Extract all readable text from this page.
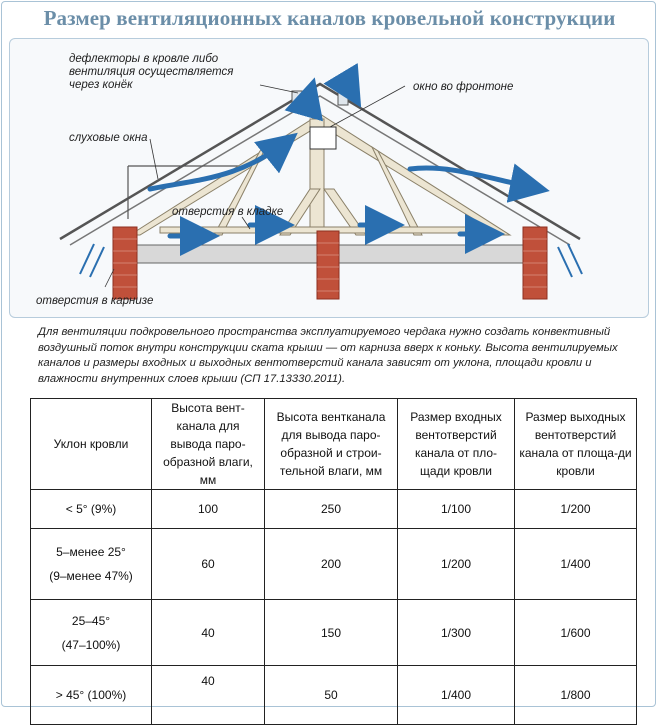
Размер вентиляционных каналов кровельной конструкции
дефлекторы в кровле либо
вентиляция осуществляется
через конёк	окно во фронтоне
слуховые окна
отверстия в кладке
отверстия в карнизе
Для вентиляции подкровельного пространства эксплуатируемого чердака нужно создать конвективный воздушный поток внутри конструкции ската крыши — от карниза вверх к коньку. Высота вентилируемых каналов и размеры входных и выходных вентотверстий канала зависят от уклона, площади кровли и влажности внутренних слоев крыши (СП 17.13330.2011).
Уклон кровли	Высота вент-канала для вывода паро-образной влаги, мм	Высота вентканала для вывода паро-образной и строи-тельной влаги, мм	Размер входных вентотверстий канала от пло-щади кровли	Размер выходных вентотверстий канала от площа-ди кровли
< 5° (9%)	100	250	1/100	1/200

5–менее 25°
(9–менее 47%)	60	200	1/200	1/400

25–45°
(47–100%)	40	150	1/300	1/600
> 45° (100%)	40	50	1/400	1/800
